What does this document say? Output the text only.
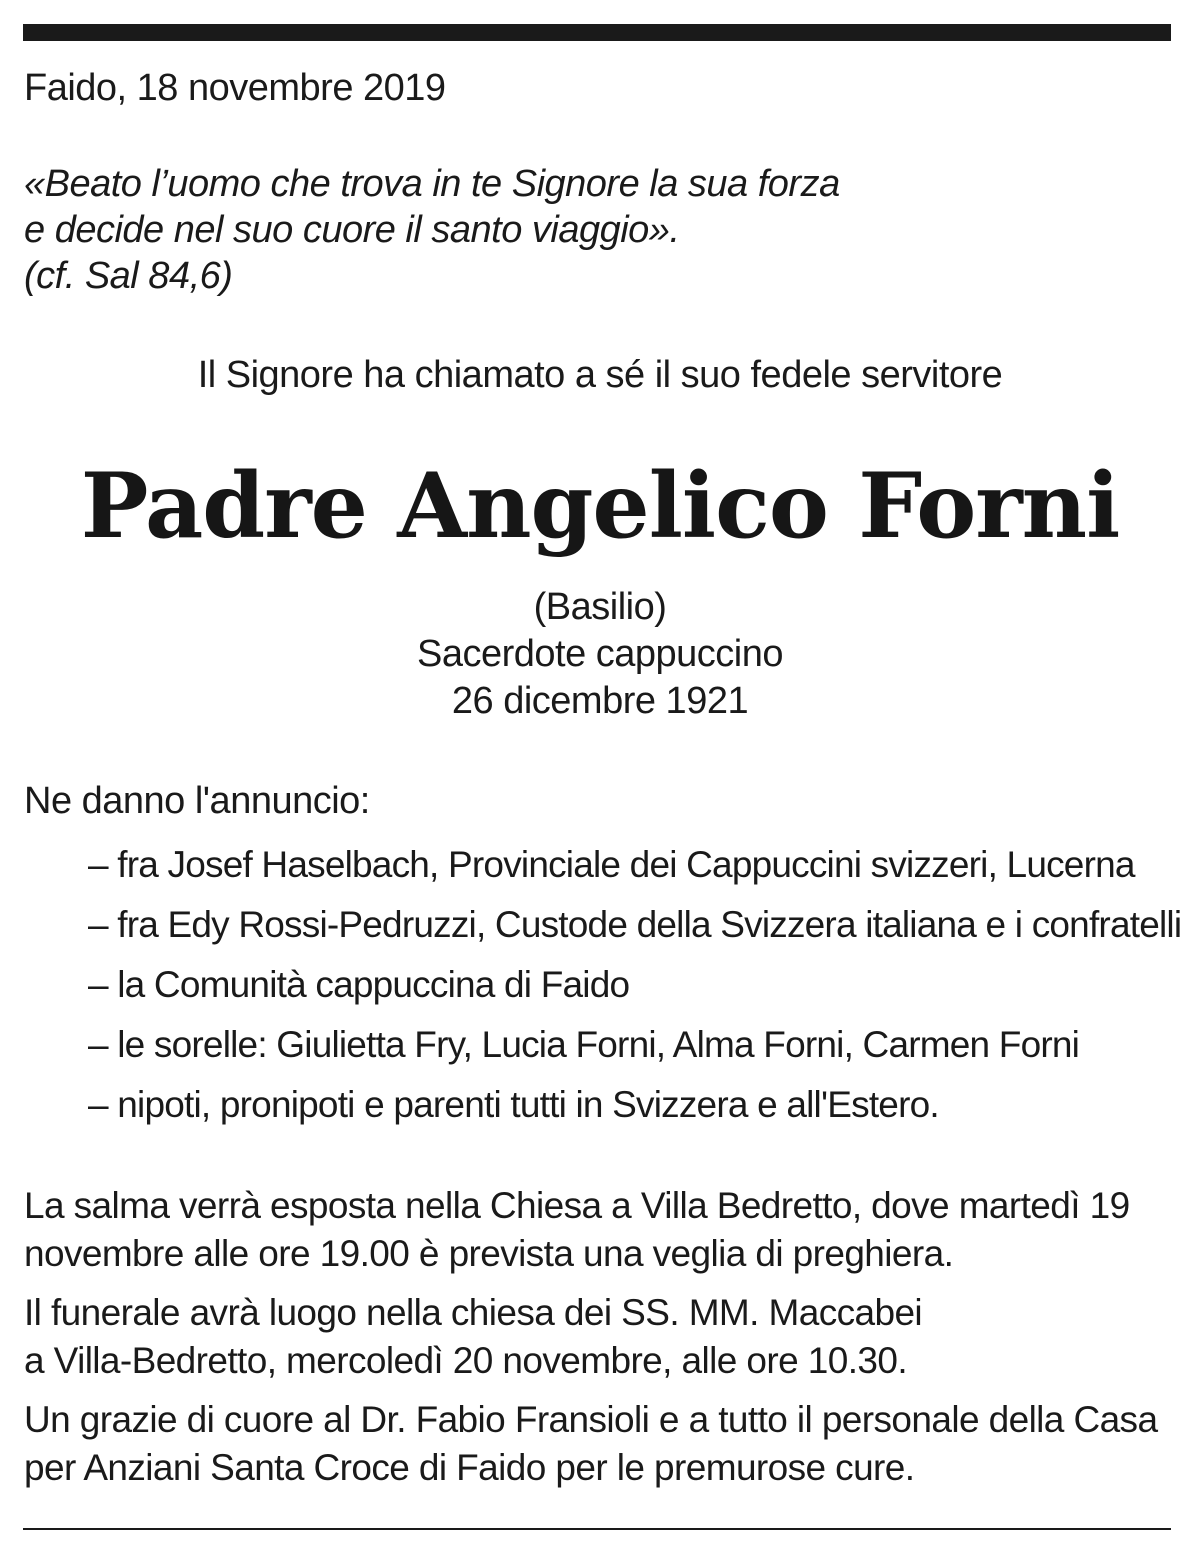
Faido, 18 novembre 2019
«Beato l’uomo che trova in te Signore la sua forza
e decide nel suo cuore il santo viaggio».
(cf. Sal 84,6)
Il Signore ha chiamato a sé il suo fedele servitore
Padre Angelico Forni
(Basilio)
Sacerdote cappuccino
26 dicembre 1921
Ne danno l'annuncio:
– fra Josef Haselbach, Provinciale dei Cappuccini svizzeri, Lucerna
– fra Edy Rossi-Pedruzzi, Custode della Svizzera italiana e i confratelli
– la Comunità cappuccina di Faido
– le sorelle: Giulietta Fry, Lucia Forni, Alma Forni, Carmen Forni
– nipoti, pronipoti e parenti tutti in Svizzera e all'Estero.
La salma verrà esposta nella Chiesa a Villa Bedretto, dove martedì 19
novembre alle ore 19.00 è prevista una veglia di preghiera.
Il funerale avrà luogo nella chiesa dei SS. MM. Maccabei
a Villa-Bedretto, mercoledì 20 novembre, alle ore 10.30.
Un grazie di cuore al Dr. Fabio Fransioli e a tutto il personale della Casa
per Anziani Santa Croce di Faido per le premurose cure.
